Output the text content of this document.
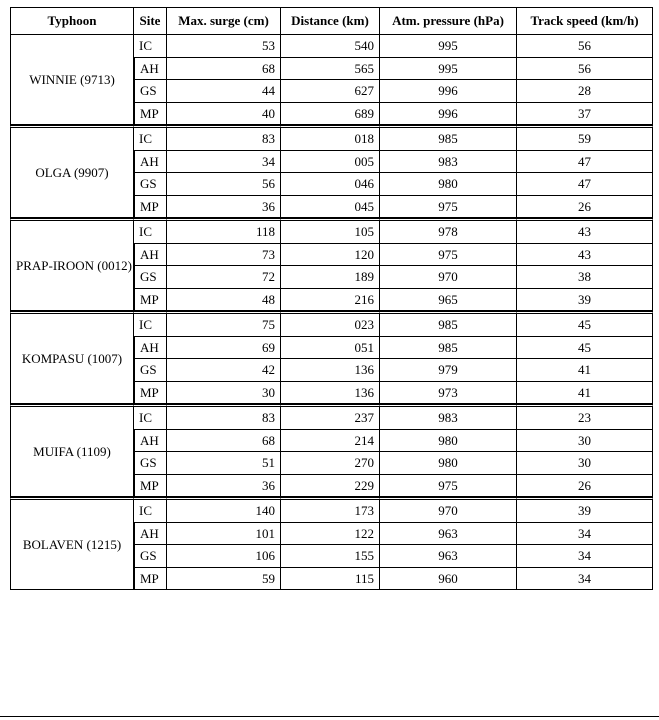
Typhoon	Site	Max. surge (cm)	Distance (km)	Atm. pressure (hPa)	Track speed (km/h)
WINNIE (9713)	IC	53	540	995	56
	AH	68	565	995	56
	GS	44	627	996	28
	MP	40	689	996	37
OLGA (9907)	IC	83	018	985	59
	AH	34	005	983	47
	GS	56	046	980	47
	MP	36	045	975	26
PRAP-IROON (0012)	IC	118	105	978	43
	AH	73	120	975	43
	GS	72	189	970	38
	MP	48	216	965	39
KOMPASU (1007)	IC	75	023	985	45
	AH	69	051	985	45
	GS	42	136	979	41
	MP	30	136	973	41
MUIFA (1109)	IC	83	237	983	23
	AH	68	214	980	30
	GS	51	270	980	30
	MP	36	229	975	26
BOLAVEN (1215)	IC	140	173	970	39
	AH	101	122	963	34
	GS	106	155	963	34
	MP	59	115	960	34
